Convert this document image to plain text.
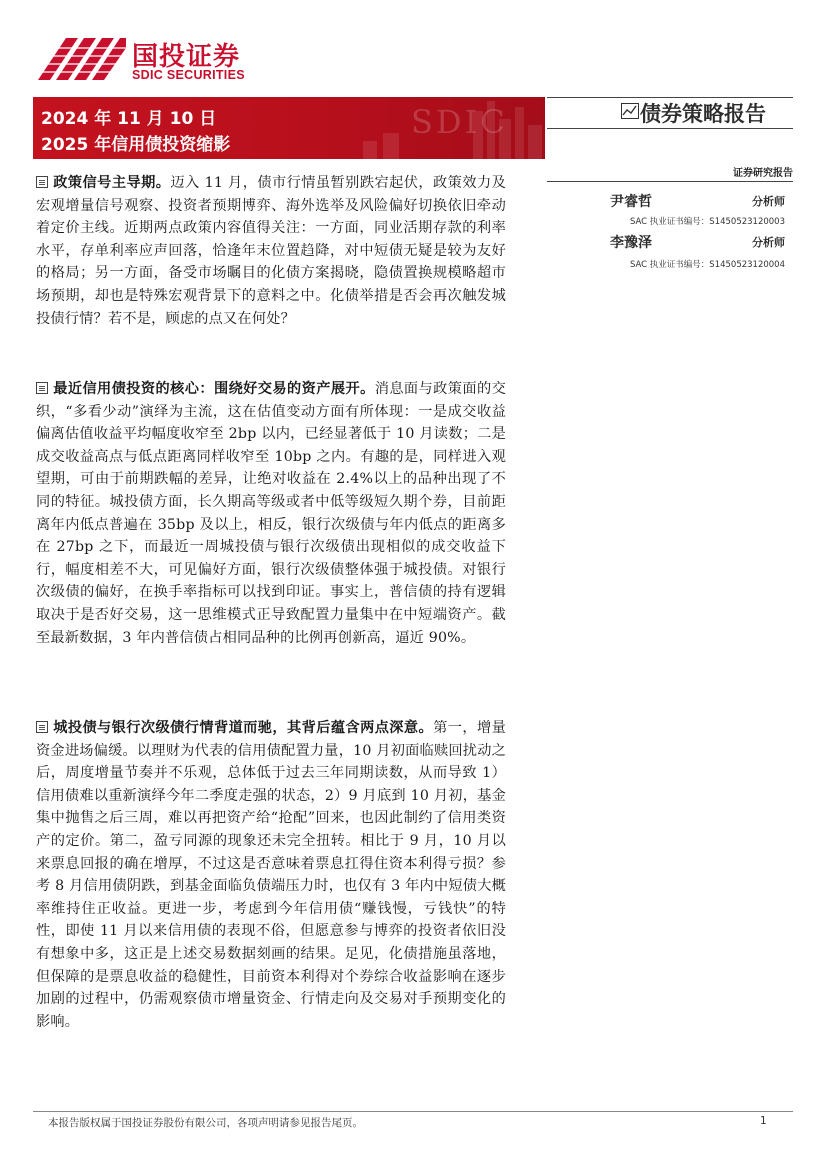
国投证券
SDIC SECURITIES
SDIC
2024 年 11 月 10 日
2025 年信用债投资缩影
债券策略报告
证券研究报告
尹睿哲	分析师
SAC 执业证书编号：S1450523120003
李豫泽	分析师
SAC 执业证书编号：S1450523120004
政策信号主导期。迈入 11 月，债市行情虽暂别跌宕起伏，政策效力及宏观增量信号观察、投资者预期博弈、海外选举及风险偏好切换依旧牵动着定价主线。近期两点政策内容值得关注：一方面，同业活期存款的利率水平，存单利率应声回落，恰逢年末位置趋降，对中短债无疑是较为友好的格局；另一方面，备受市场瞩目的化债方案揭晓，隐债置换规模略超市场预期，却也是特殊宏观背景下的意料之中。化债举措是否会再次触发城投债行情？若不是，顾虑的点又在何处？
最近信用债投资的核心：围绕好交易的资产展开。消息面与政策面的交织，“多看少动”演绎为主流，这在估值变动方面有所体现：一是成交收益偏离估值收益平均幅度收窄至 2bp 以内，已经显著低于 10 月读数；二是成交收益高点与低点距离同样收窄至 10bp 之内。有趣的是，同样进入观望期，可由于前期跌幅的差异，让绝对收益在 2.4%以上的品种出现了不同的特征。城投债方面，长久期高等级或者中低等级短久期个券，目前距离年内低点普遍在 35bp 及以上，相反，银行次级债与年内低点的距离多在 27bp 之下，而最近一周城投债与银行次级债出现相似的成交收益下行，幅度相差不大，可见偏好方面，银行次级债整体强于城投债。对银行次级债的偏好，在换手率指标可以找到印证。事实上，普信债的持有逻辑取决于是否好交易，这一思维模式正导致配置力量集中在中短端资产。截至最新数据，3 年内普信债占相同品种的比例再创新高，逼近 90%。
城投债与银行次级债行情背道而驰，其背后蕴含两点深意。第一，增量资金进场偏缓。以理财为代表的信用债配置力量，10 月初面临赎回扰动之后，周度增量节奏并不乐观，总体低于过去三年同期读数，从而导致 1）信用债难以重新演绎今年二季度走强的状态，2）9 月底到 10 月初，基金集中抛售之后三周，难以再把资产给“抢配”回来，也因此制约了信用类资产的定价。第二，盈亏同源的现象还未完全扭转。相比于 9 月，10 月以来票息回报的确在增厚，不过这是否意味着票息扛得住资本利得亏损？参考 8 月信用债阴跌，到基金面临负债端压力时，也仅有 3 年内中短债大概率维持住正收益。更进一步，考虑到今年信用债“赚钱慢，亏钱快”的特性，即使 11 月以来信用债的表现不俗，但愿意参与博弈的投资者依旧没有想象中多，这正是上述交易数据刻画的结果。足见，化债措施虽落地，但保障的是票息收益的稳健性，目前资本利得对个券综合收益影响在逐步加剧的过程中，仍需观察债市增量资金、行情走向及交易对手预期变化的影响。
本报告版权属于国投证券股份有限公司，各项声明请参见报告尾页。	1
